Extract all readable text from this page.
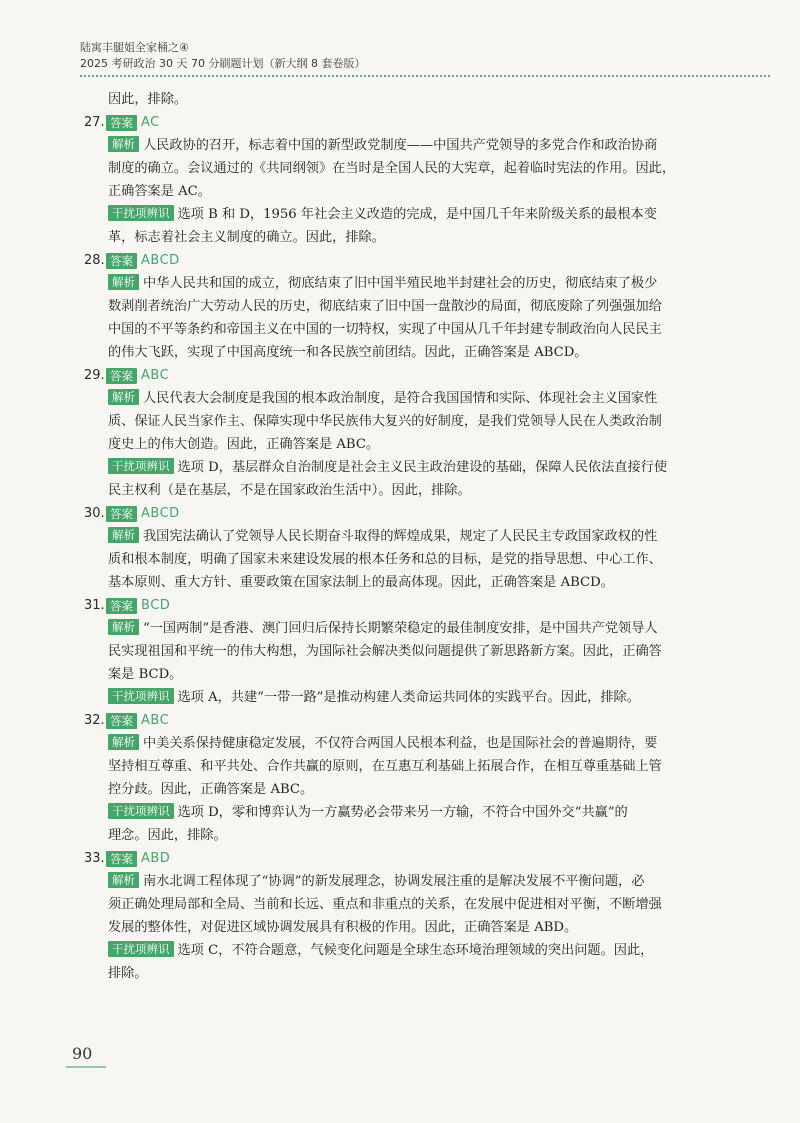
陆寓丰腿姐全家桶之④
2025 考研政治 30 天 70 分刷题计划（新大纲 8 套卷版）

因此，排除。

27. 答案 AC
解析 人民政协的召开，标志着中国的新型政党制度——中国共产党领导的多党合作和政治协商
制度的确立。会议通过的《共同纲领》在当时是全国人民的大宪章，起着临时宪法的作用。因此，
正确答案是 AC。
干扰项辨识 选项 B 和 D，1956 年社会主义改造的完成，是中国几千年来阶级关系的最根本变
革，标志着社会主义制度的确立。因此，排除。
28. 答案 ABCD
解析 中华人民共和国的成立，彻底结束了旧中国半殖民地半封建社会的历史，彻底结束了极少
数剥削者统治广大劳动人民的历史，彻底结束了旧中国一盘散沙的局面，彻底废除了列强强加给
中国的不平等条约和帝国主义在中国的一切特权，实现了中国从几千年封建专制政治向人民民主
的伟大飞跃，实现了中国高度统一和各民族空前团结。因此，正确答案是 ABCD。
29. 答案 ABC
解析 人民代表大会制度是我国的根本政治制度，是符合我国国情和实际、体现社会主义国家性
质、保证人民当家作主、保障实现中华民族伟大复兴的好制度，是我们党领导人民在人类政治制
度史上的伟大创造。因此，正确答案是 ABC。
干扰项辨识 选项 D，基层群众自治制度是社会主义民主政治建设的基础，保障人民依法直接行使
民主权利（是在基层，不是在国家政治生活中）。因此，排除。
30. 答案 ABCD
解析 我国宪法确认了党领导人民长期奋斗取得的辉煌成果，规定了人民民主专政国家政权的性
质和根本制度，明确了国家未来建设发展的根本任务和总的目标，是党的指导思想、中心工作、
基本原则、重大方针、重要政策在国家法制上的最高体现。因此，正确答案是 ABCD。
31. 答案 BCD
解析 “一国两制”是香港、澳门回归后保持长期繁荣稳定的最佳制度安排，是中国共产党领导人
民实现祖国和平统一的伟大构想，为国际社会解决类似问题提供了新思路新方案。因此，正确答
案是 BCD。
干扰项辨识 选项 A，共建“一带一路”是推动构建人类命运共同体的实践平台。因此，排除。
32. 答案 ABC
解析 中美关系保持健康稳定发展，不仅符合两国人民根本利益，也是国际社会的普遍期待，要
坚持相互尊重、和平共处、合作共赢的原则，在互惠互利基础上拓展合作，在相互尊重基础上管
控分歧。因此，正确答案是 ABC。
干扰项辨识 选项 D，零和博弈认为一方赢势必会带来另一方输，不符合中国外交“共赢”的
理念。因此，排除。
33. 答案 ABD
解析 南水北调工程体现了“协调”的新发展理念，协调发展注重的是解决发展不平衡问题，必
须正确处理局部和全局、当前和长远、重点和非重点的关系，在发展中促进相对平衡，不断增强
发展的整体性，对促进区域协调发展具有积极的作用。因此，正确答案是 ABD。
干扰项辨识 选项 C，不符合题意，气候变化问题是全球生态环境治理领域的突出问题。因此，
排除。
90
